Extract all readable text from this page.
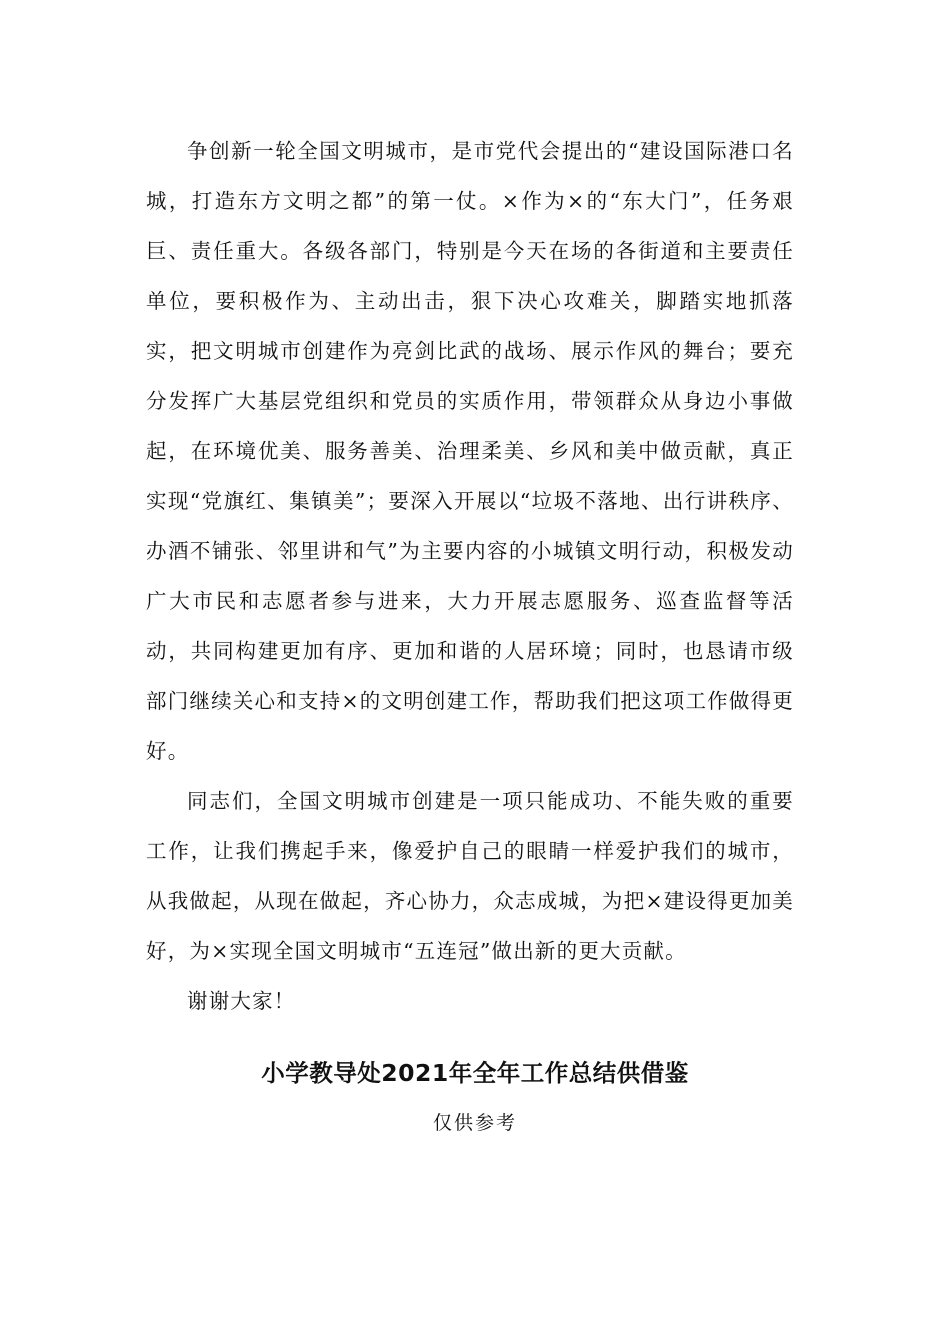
争创新一轮全国文明城市，是市党代会提出的“建设国际港口名城，打造东方文明之都”的第一仗。×作为×的“东大门”，任务艰巨、责任重大。各级各部门，特别是今天在场的各街道和主要责任单位，要积极作为、主动出击，狠下决心攻难关，脚踏实地抓落实，把文明城市创建作为亮剑比武的战场、展示作风的舞台；要充分发挥广大基层党组织和党员的实质作用，带领群众从身边小事做起，在环境优美、服务善美、治理柔美、乡风和美中做贡献，真正实现“党旗红、集镇美”；要深入开展以“垃圾不落地、出行讲秩序、办酒不铺张、邻里讲和气”为主要内容的小城镇文明行动，积极发动广大市民和志愿者参与进来，大力开展志愿服务、巡查监督等活动，共同构建更加有序、更加和谐的人居环境；同时，也恳请市级部门继续关心和支持×的文明创建工作，帮助我们把这项工作做得更好。

同志们，全国文明城市创建是一项只能成功、不能失败的重要工作，让我们携起手来，像爱护自己的眼睛一样爱护我们的城市，从我做起，从现在做起，齐心协力，众志成城，为把×建设得更加美好，为×实现全国文明城市“五连冠”做出新的更大贡献。

谢谢大家！

小学教导处2021年全年工作总结供借鉴
仅供参考
